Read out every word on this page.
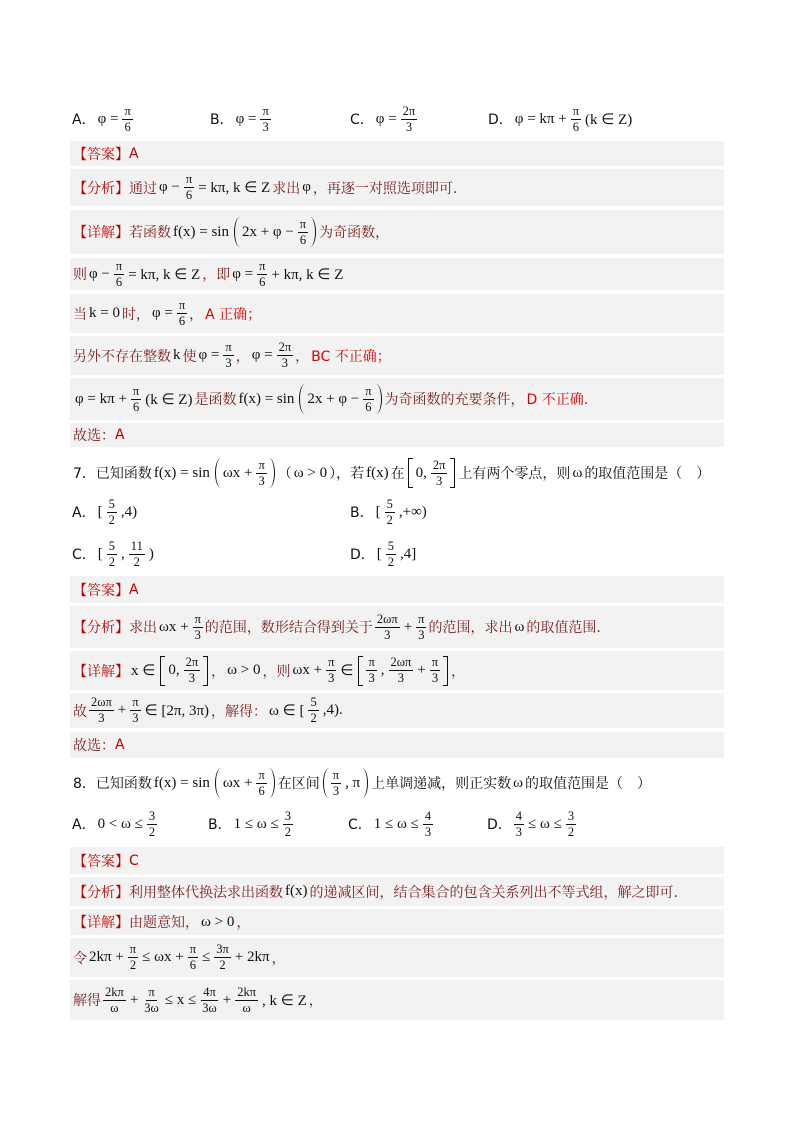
A． $\varphi = \frac{\pi}{6}$	B． $\varphi = \frac{\pi}{3}$	C． $\varphi = \frac{2\pi}{3}$	D． $\varphi = k\pi + \frac{\pi}{6} (k$ ∈ Z)
【答案】 A
【分析】 通过 $\varphi - \frac{\pi}{6} = k\pi$, k ∈ Z 求出 φ ，再逐一对照选项即可.
【详解】 若函数 $f(x) = \sin 2x + \varphi - \frac{\pi}{6}$ 为奇函数，
则 $\varphi - \frac{\pi}{6} = k\pi$, k ∈ Z ，即 $\varphi = \frac{\pi}{6} + k\pi$, k ∈ Z
当 k = 0 时， $\varphi = \frac{\pi}{6}$ ， A 正确；
另外不存在整数 k 使 $\varphi = \frac{\pi}{3}$ ， $\varphi = \frac{2\pi}{3}$ ， BC 不正确；
$\varphi = k\pi + \frac{\pi}{6} (k$ ∈ Z) 是函数 $f(x) = \sin 2x + \varphi - \frac{\pi}{6}$ 为奇函数的充要条件， D 不正确.
故选： A
7．已知函数 $f(x) = \sin \omega x + \frac{\pi}{3}$ （ ω > 0 ），若 f(x) 在 0, $\frac{2\pi}{3}$ 上有两个零点，则 ω 的取值范围是（　）
A． [ $\frac{5}{2} ,4$)	B． [ $\frac{5}{2}$ ,+∞)
C． [ $\frac{5}{2}$ , $\frac{11}{2}$ )	D． [ $\frac{5}{2} ,4$]
【答案】 A
【分析】 求出 $\omega x + \frac{\pi}{3}$ 的范围，数形结合得到关于 $\frac{2\omega\pi}{3} + \frac{\pi}{3}$ 的范围，求出 ω 的取值范围.
【详解】 x ∈ 0, $\frac{2\pi}{3}$ ， ω > 0 ，则 $\omega x + \frac{\pi}{3}$ ∈ $\frac{\pi}{3}$ , $\frac{2\omega\pi}{3} + \frac{\pi}{3}$ ，
故 $\frac{2\omega\pi}{3} + \frac{\pi}{3}$ ∈ [2π, 3π) ，解得： ω ∈ [ $\frac{5}{2} ,4$).
故选： A
8．已知函数 $f(x) = \sin \omega x + \frac{\pi}{6}$ 在区间 $\frac{\pi}{3}$ , π 上单调递减，则正实数 ω 的取值范围是（　）
A． $0 < \omega \le \frac{3}{2}$	B． $1 \le \omega \le \frac{3}{2}$	C． $1 \le \omega \le \frac{4}{3}$	D． $\frac{4}{3} \le \omega \le \frac{3}{2}$
【答案】 C
【分析】 利用整体代换法求出函数 f(x) 的递减区间，结合集合的包含关系列出不等式组，解之即可.
【详解】 由题意知， ω > 0 ，
令 $2k\pi + \frac{\pi}{2} \le \omega x + \frac{\pi}{6} \le \frac{3\pi}{2} + 2k\pi$ ，
解得 $\frac{2k\pi}{\omega} + \frac{\pi}{3\omega} \le x \le \frac{4\pi}{3\omega} + \frac{2k\pi}{\omega}$ , k ∈ Z ，
